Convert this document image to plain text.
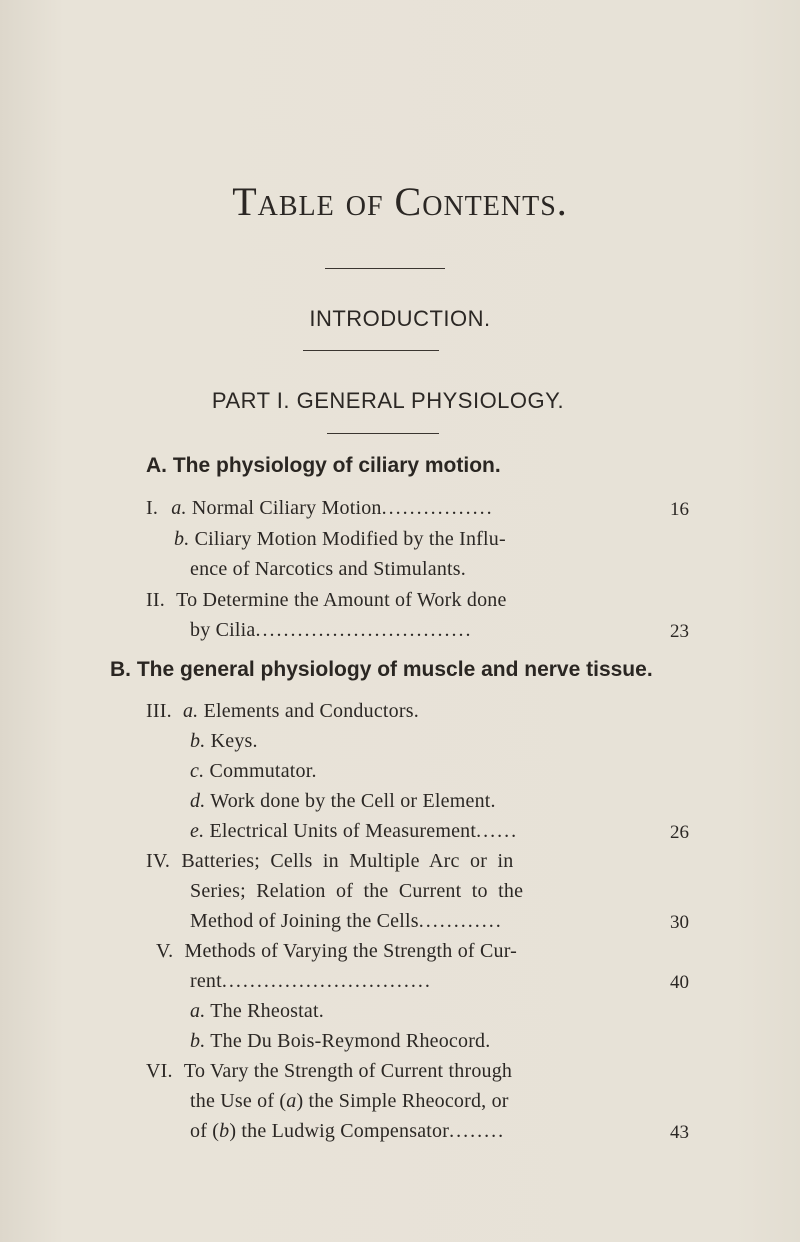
Table of Contents.
INTRODUCTION.
PART I. GENERAL PHYSIOLOGY.
A. The physiology of ciliary motion.
I. a. Normal Ciliary Motion................	16
b. Ciliary Motion Modified by the Influ-
ence of Narcotics and Stimulants.
II. To Determine the Amount of Work done
by Cilia...............................	23
B. The general physiology of muscle and nerve tissue.
III. a. Elements and Conductors.
b. Keys.
c. Commutator.
d. Work done by the Cell or Element.
e. Electrical Units of Measurement......	26
IV. Batteries;  Cells  in  Multiple  Arc  or  in
Series;  Relation  of  the  Current  to  the
Method of Joining the Cells............	30
V. Methods of Varying the Strength of Cur-
rent..............................	40
a. The Rheostat.
b. The Du Bois-Reymond Rheocord.
VI. To Vary the Strength of Current through
the Use of (a) the Simple Rheocord, or
of (b) the Ludwig Compensator........	43
